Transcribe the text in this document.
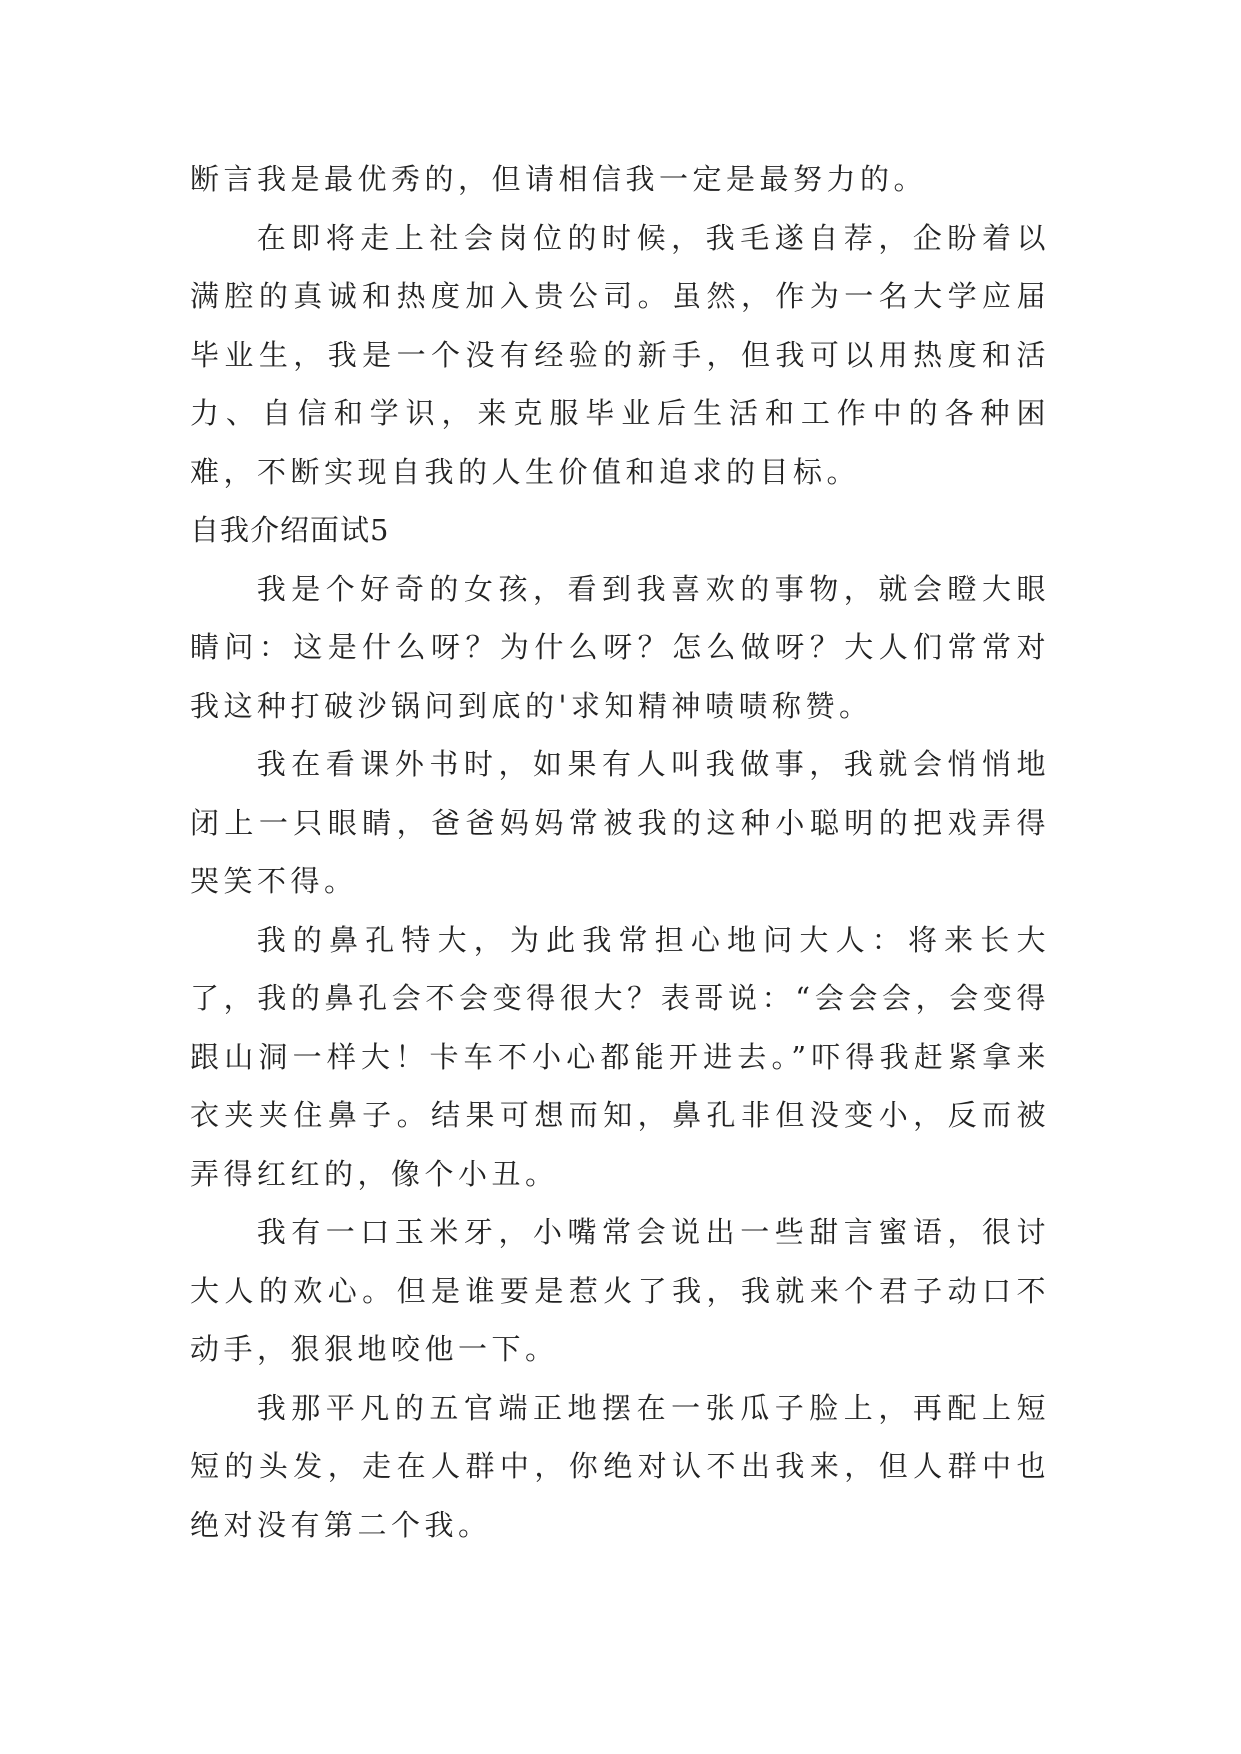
断言我是最优秀的，但请相信我一定是最努力的。

在即将走上社会岗位的时候，我毛遂自荐，企盼着以满腔的真诚和热度加入贵公司。虽然，作为一名大学应届毕业生，我是一个没有经验的新手，但我可以用热度和活力、自信和学识，来克服毕业后生活和工作中的各种困难，不断实现自我的人生价值和追求的目标。

自我介绍面试5

我是个好奇的女孩，看到我喜欢的事物，就会瞪大眼睛问：这是什么呀？为什么呀？怎么做呀？大人们常常对我这种打破沙锅问到底的'求知精神啧啧称赞。

我在看课外书时，如果有人叫我做事，我就会悄悄地闭上一只眼睛，爸爸妈妈常被我的这种小聪明的把戏弄得哭笑不得。

我的鼻孔特大，为此我常担心地问大人：将来长大了，我的鼻孔会不会变得很大？表哥说：“会会会，会变得跟山洞一样大！卡车不小心都能开进去。”吓得我赶紧拿来衣夹夹住鼻子。结果可想而知，鼻孔非但没变小，反而被弄得红红的，像个小丑。

我有一口玉米牙，小嘴常会说出一些甜言蜜语，很讨大人的欢心。但是谁要是惹火了我，我就来个君子动口不动手，狠狠地咬他一下。

我那平凡的五官端正地摆在一张瓜子脸上，再配上短短的头发，走在人群中，你绝对认不出我来，但人群中也绝对没有第二个我。
